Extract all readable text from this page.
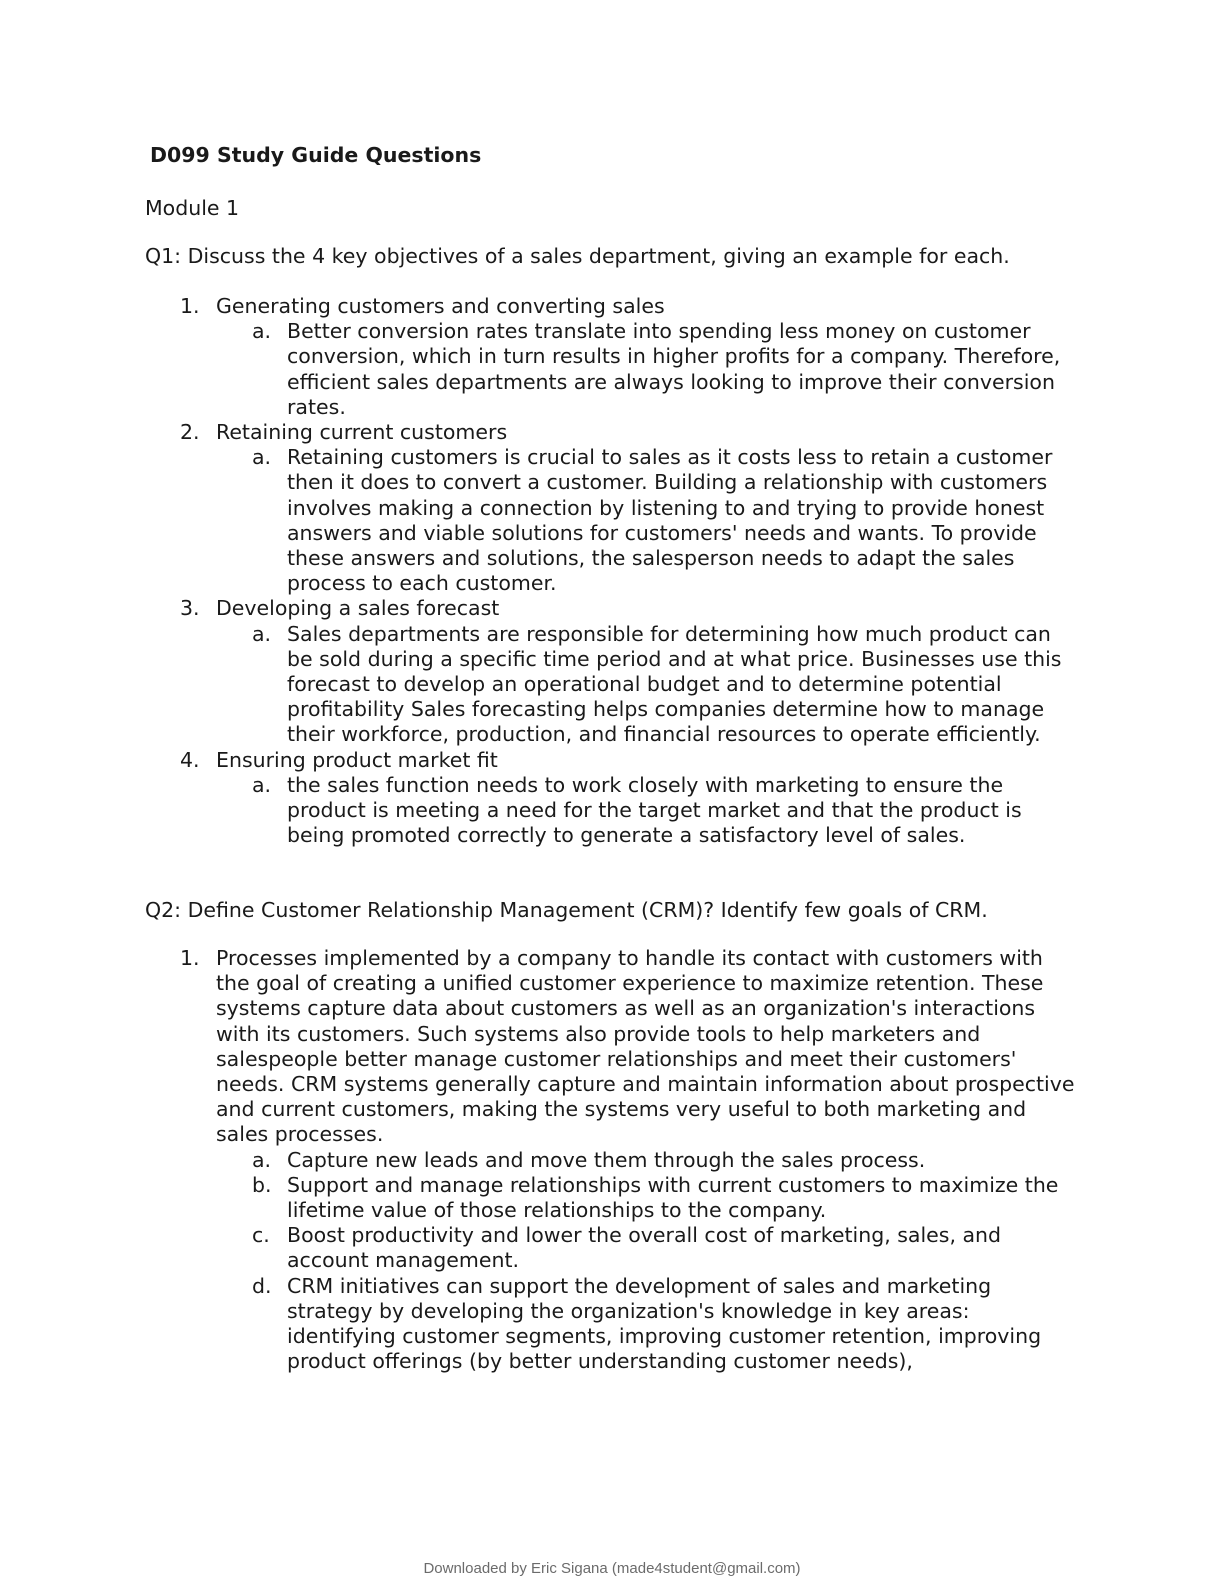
D099 Study Guide Questions
Module 1
Q1: Discuss the 4 key objectives of a sales department, giving an example for each.
1. Generating customers and converting sales
a. Better conversion rates translate into spending less money on customer conversion, which in turn results in higher profits for a company. Therefore, efficient sales departments are always looking to improve their conversion rates.
2. Retaining current customers
a. Retaining customers is crucial to sales as it costs less to retain a customer then it does to convert a customer. Building a relationship with customers involves making a connection by listening to and trying to provide honest answers and viable solutions for customers' needs and wants. To provide these answers and solutions, the salesperson needs to adapt the sales process to each customer.
3. Developing a sales forecast
a. Sales departments are responsible for determining how much product can be sold during a specific time period and at what price. Businesses use this forecast to develop an operational budget and to determine potential profitability Sales forecasting helps companies determine how to manage their workforce, production, and financial resources to operate efficiently.
4. Ensuring product market fit
a. the sales function needs to work closely with marketing to ensure the product is meeting a need for the target market and that the product is being promoted correctly to generate a satisfactory level of sales.
Q2: Define Customer Relationship Management (CRM)? Identify few goals of CRM.
1. Processes implemented by a company to handle its contact with customers with the goal of creating a unified customer experience to maximize retention. These systems capture data about customers as well as an organization's interactions with its customers. Such systems also provide tools to help marketers and salespeople better manage customer relationships and meet their customers' needs. CRM systems generally capture and maintain information about prospective and current customers, making the systems very useful to both marketing and sales processes.
a. Capture new leads and move them through the sales process.
b. Support and manage relationships with current customers to maximize the lifetime value of those relationships to the company.
c. Boost productivity and lower the overall cost of marketing, sales, and account management.
d. CRM initiatives can support the development of sales and marketing strategy by developing the organization's knowledge in key areas: identifying customer segments, improving customer retention, improving product offerings (by better understanding customer needs),
Downloaded by Eric Sigana (made4student@gmail.com)
